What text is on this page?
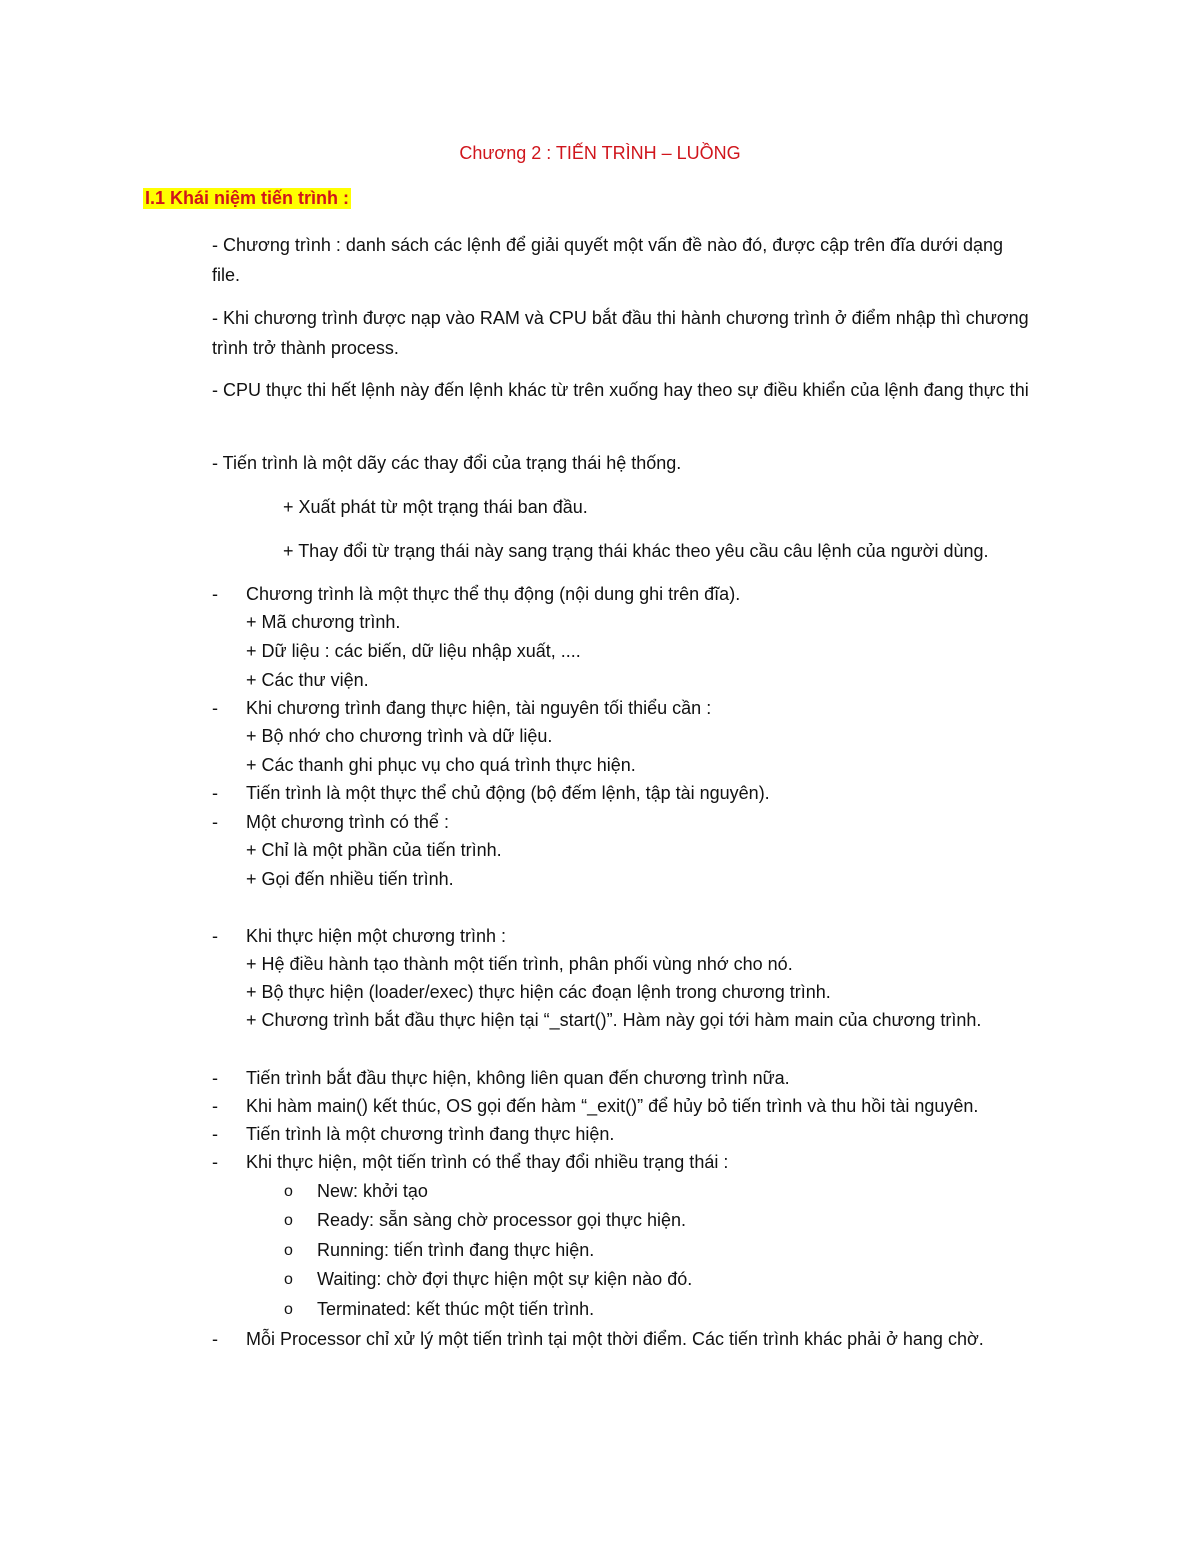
Chương 2 : TIẾN TRÌNH – LUỒNG
I.1 Khái niệm tiến trình :
- Chương trình : danh sách các lệnh để giải quyết một vấn đề nào đó, được cập trên đĩa dưới dạng file.
- Khi chương trình được nạp vào RAM và CPU bắt đầu thi hành chương trình ở điểm nhập thì chương trình trở thành process.
- CPU thực thi hết lệnh này đến lệnh khác từ trên xuống hay theo sự điều khiển của lệnh đang thực thi
- Tiến trình là một dãy các thay đổi của trạng thái hệ thống.
+ Xuất phát từ một trạng thái ban đầu.
+ Thay đổi từ trạng thái này sang trạng thái khác theo yêu cầu câu lệnh của người dùng.
- Chương trình là một thực thể thụ động (nội dung ghi trên đĩa).
+ Mã chương trình.
+ Dữ liệu : các biến, dữ liệu nhập xuất, ....
+ Các thư viện.
- Khi chương trình đang thực hiện, tài nguyên tối thiểu cần :
+ Bộ nhớ cho chương trình và dữ liệu.
+ Các thanh ghi phục vụ cho quá trình thực hiện.
- Tiến trình là một thực thể chủ động (bộ đếm lệnh, tập tài nguyên).
- Một chương trình có thể :
+ Chỉ là một phần của tiến trình.
+ Gọi đến nhiều tiến trình.
- Khi thực hiện một chương trình :
+ Hệ điều hành tạo thành một tiến trình, phân phối vùng nhớ cho nó.
+ Bộ thực hiện (loader/exec) thực hiện các đoạn lệnh trong chương trình.
+ Chương trình bắt đầu thực hiện tại “_start()”. Hàm này gọi tới hàm main của chương trình.
- Tiến trình bắt đầu thực hiện, không liên quan đến chương trình nữa.
- Khi hàm main() kết thúc, OS gọi đến hàm “_exit()” để hủy bỏ tiến trình và thu hồi tài nguyên.
- Tiến trình là một chương trình đang thực hiện.
- Khi thực hiện, một tiến trình có thể thay đổi nhiều trạng thái :
o New: khởi tạo
o Ready: sẵn sàng chờ processor gọi thực hiện.
o Running: tiến trình đang thực hiện.
o Waiting: chờ đợi thực hiện một sự kiện nào đó.
o Terminated: kết thúc một tiến trình.
- Mỗi Processor chỉ xử lý một tiến trình tại một thời điểm. Các tiến trình khác phải ở hang chờ.
